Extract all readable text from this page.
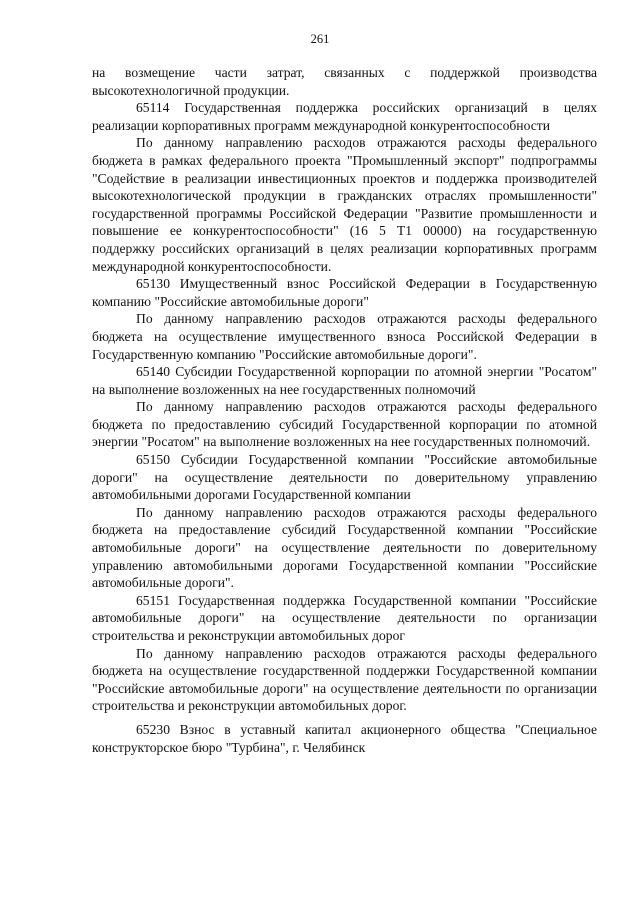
261

на возмещение части затрат, связанных с поддержкой производства высокотехнологичной продукции.

65114 Государственная поддержка российских организаций в целях реализации корпоративных программ международной конкурентоспособности

По данному направлению расходов отражаются расходы федерального бюджета в рамках федерального проекта "Промышленный экспорт" подпрограммы "Содействие в реализации инвестиционных проектов и поддержка производителей высокотехнологической продукции в гражданских отраслях промышленности" государственной программы Российской Федерации "Развитие промышленности и повышение ее конкурентоспособности" (16 5 Т1 00000) на государственную поддержку российских организаций в целях реализации корпоративных программ международной конкурентоспособности.

65130 Имущественный взнос Российской Федерации в Государственную компанию "Российские автомобильные дороги"

По данному направлению расходов отражаются расходы федерального бюджета на осуществление имущественного взноса Российской Федерации в Государственную компанию "Российские автомобильные дороги".

65140 Субсидии Государственной корпорации по атомной энергии "Росатом" на выполнение возложенных на нее государственных полномочий

По данному направлению расходов отражаются расходы федерального бюджета по предоставлению субсидий Государственной корпорации по атомной энергии "Росатом" на выполнение возложенных на нее государственных полномочий.

65150 Субсидии Государственной компании "Российские автомобильные дороги" на осуществление деятельности по доверительному управлению автомобильными дорогами Государственной компании

По данному направлению расходов отражаются расходы федерального бюджета на предоставление субсидий Государственной компании "Российские автомобильные дороги" на осуществление деятельности по доверительному управлению автомобильными дорогами Государственной компании "Российские автомобильные дороги".

65151 Государственная поддержка Государственной компании "Российские автомобильные дороги" на осуществление деятельности по организации строительства и реконструкции автомобильных дорог

По данному направлению расходов отражаются расходы федерального бюджета на осуществление государственной поддержки Государственной компании "Российские автомобильные дороги" на осуществление деятельности по организации строительства и реконструкции автомобильных дорог.

65230 Взнос в уставный капитал акционерного общества "Специальное конструкторское бюро "Турбина", г. Челябинск
